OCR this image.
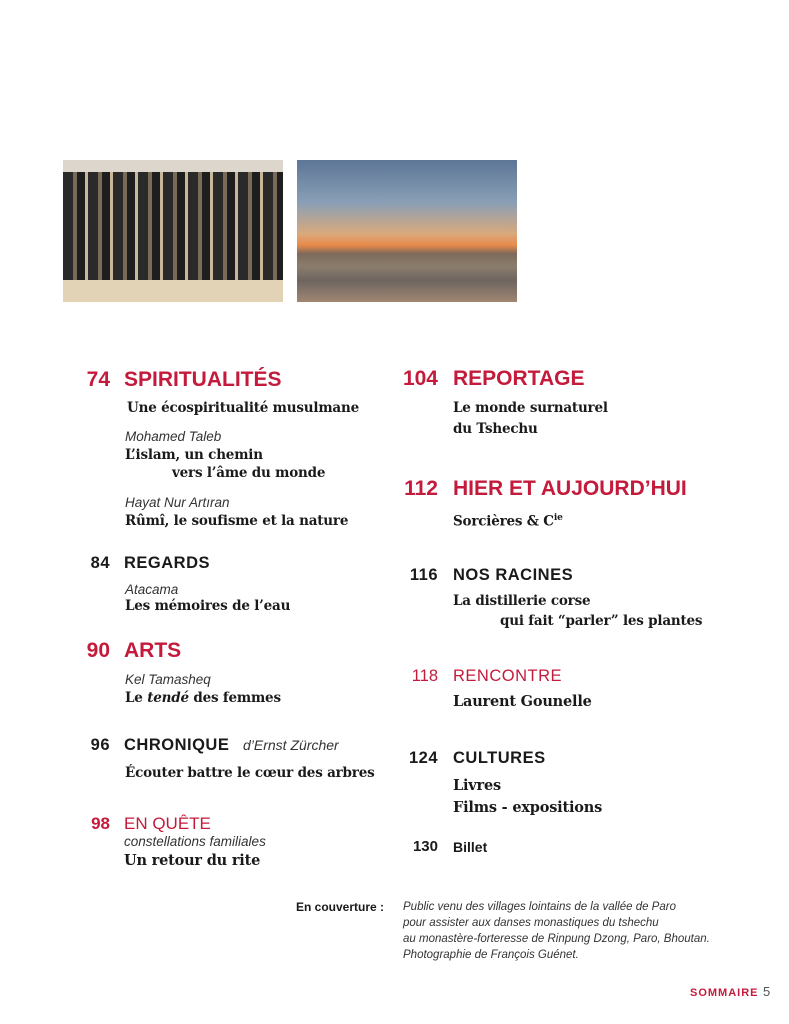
74 SPIRITUALITÉS
Une écospiritualité musulmane
Mohamed Taleb
L’islam, un chemin
vers l’âme du monde
Hayat Nur Artıran
Rûmî, le soufisme et la nature
84 REGARDS
Atacama
Les mémoires de l’eau
90 ARTS
Kel Tamasheq
Le tendé des femmes
96 CHRONIQUE d’Ernst Zürcher
Écouter battre le cœur des arbres
98 EN QUÊTE
constellations familiales
Un retour du rite
104 REPORTAGE
Le monde surnaturel
du Tshechu
112 HIER ET AUJOURD’HUI
Sorcières & $C^{ie}$
116 NOS RACINES
La distillerie corse
qui fait “parler” les plantes
118 RENCONTRE
Laurent Gounelle
124 CULTURES
Livres
Films - expositions
130 Billet
En couverture : Public venu des villages lointains de la vallée de Paro
pour assister aux danses monastiques du tshechu
au monastère-forteresse de Rinpung Dzong, Paro, Bhoutan.
Photographie de François Guénet.
SOMMAIRE 5
